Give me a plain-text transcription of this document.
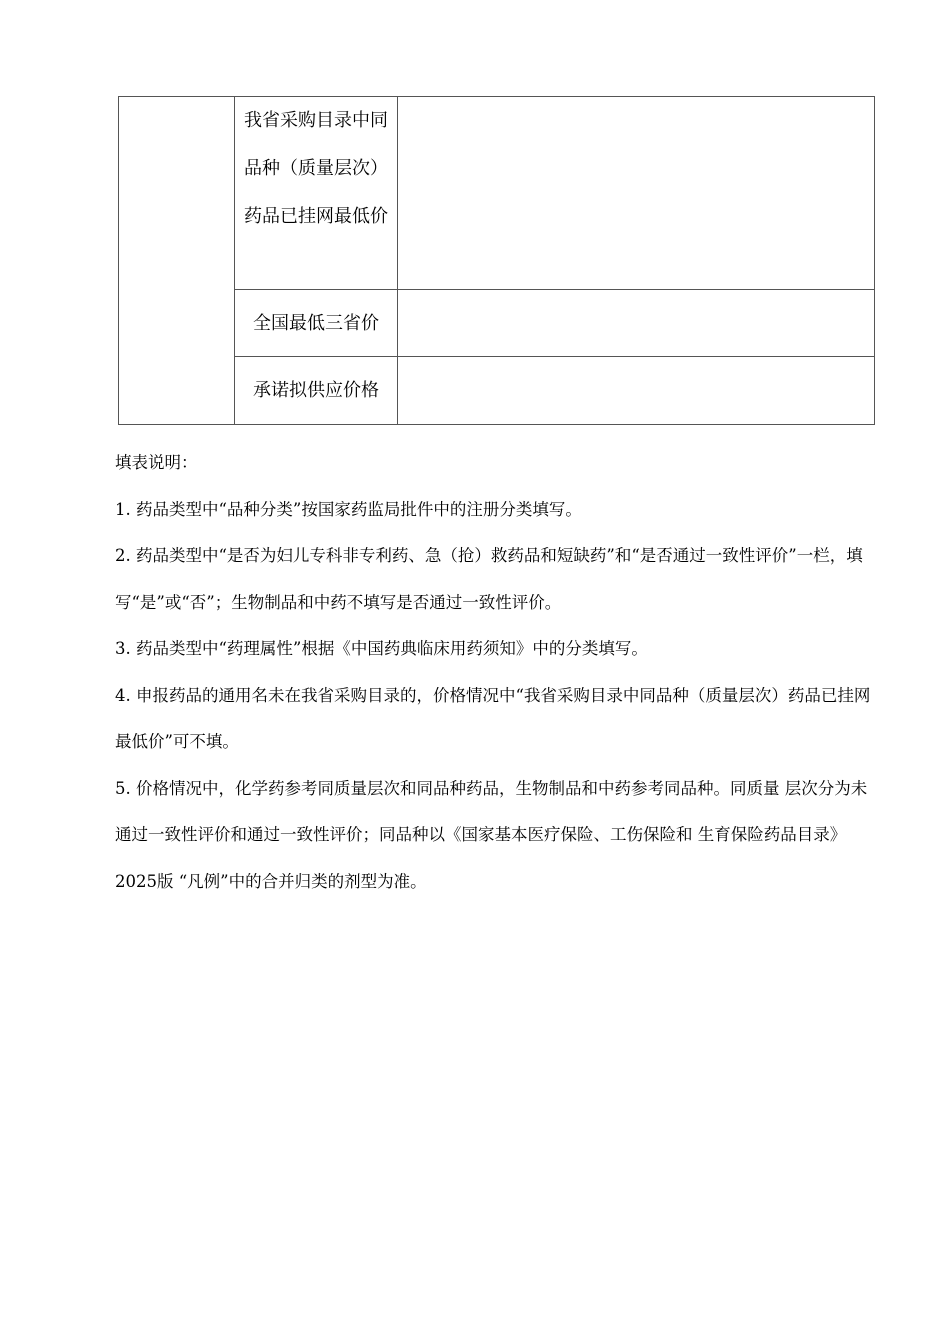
	我省采购目录中同品种（质量层次）药品已挂网最低价	
	全国最低三省价	
	承诺拟供应价格	

填表说明：

1. 药品类型中“品种分类”按国家药监局批件中的注册分类填写。

2. 药品类型中“是否为妇儿专科非专利药、急（抢）救药品和短缺药”和“是否通过一致性评价”一栏，填写“是”或“否”；生物制品和中药不填写是否通过一致性评价。

3. 药品类型中“药理属性”根据《中国药典临床用药须知》中的分类填写。

4. 申报药品的通用名未在我省采购目录的，价格情况中“我省采购目录中同品种（质量层次）药品已挂网最低价”可不填。

5. 价格情况中，化学药参考同质量层次和同品种药品，生物制品和中药参考同品种。同质量 层次分为未通过一致性评价和通过一致性评价；同品种以《国家基本医疗保险、工伤保险和 生育保险药品目录》2025版 “凡例”中的合并归类的剂型为准。
